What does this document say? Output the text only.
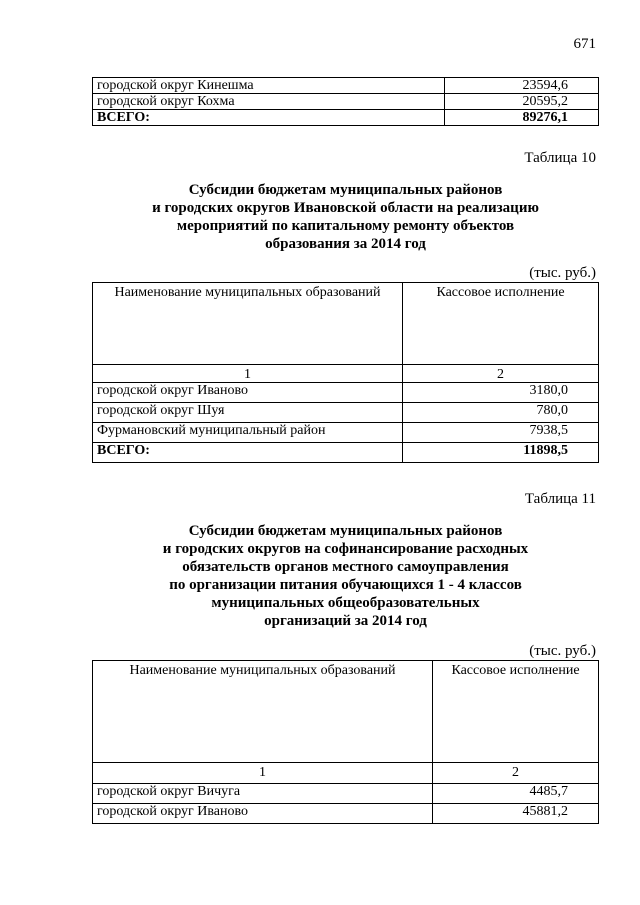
671
городской округ Кинешма	23594,6
городской округ Кохма	20595,2
ВСЕГО:	89276,1
Таблица 10
Субсидии бюджетам муниципальных районов
и городских округов Ивановской области на реализацию
мероприятий по капитальному ремонту объектов
образования за 2014 год
(тыс. руб.)
Наименование муниципальных образований	Кассовое исполнение
1	2
городской округ Иваново	3180,0
городской округ Шуя	780,0
Фурмановский муниципальный район	7938,5
ВСЕГО:	11898,5
Таблица 11
Субсидии бюджетам муниципальных районов
и городских округов на софинансирование расходных
обязательств органов местного самоуправления
по организации питания обучающихся 1 - 4 классов
муниципальных общеобразовательных
организаций за 2014 год
(тыс. руб.)
Наименование муниципальных образований	Кассовое исполнение
1	2
городской округ Вичуга	4485,7
городской округ Иваново	45881,2
